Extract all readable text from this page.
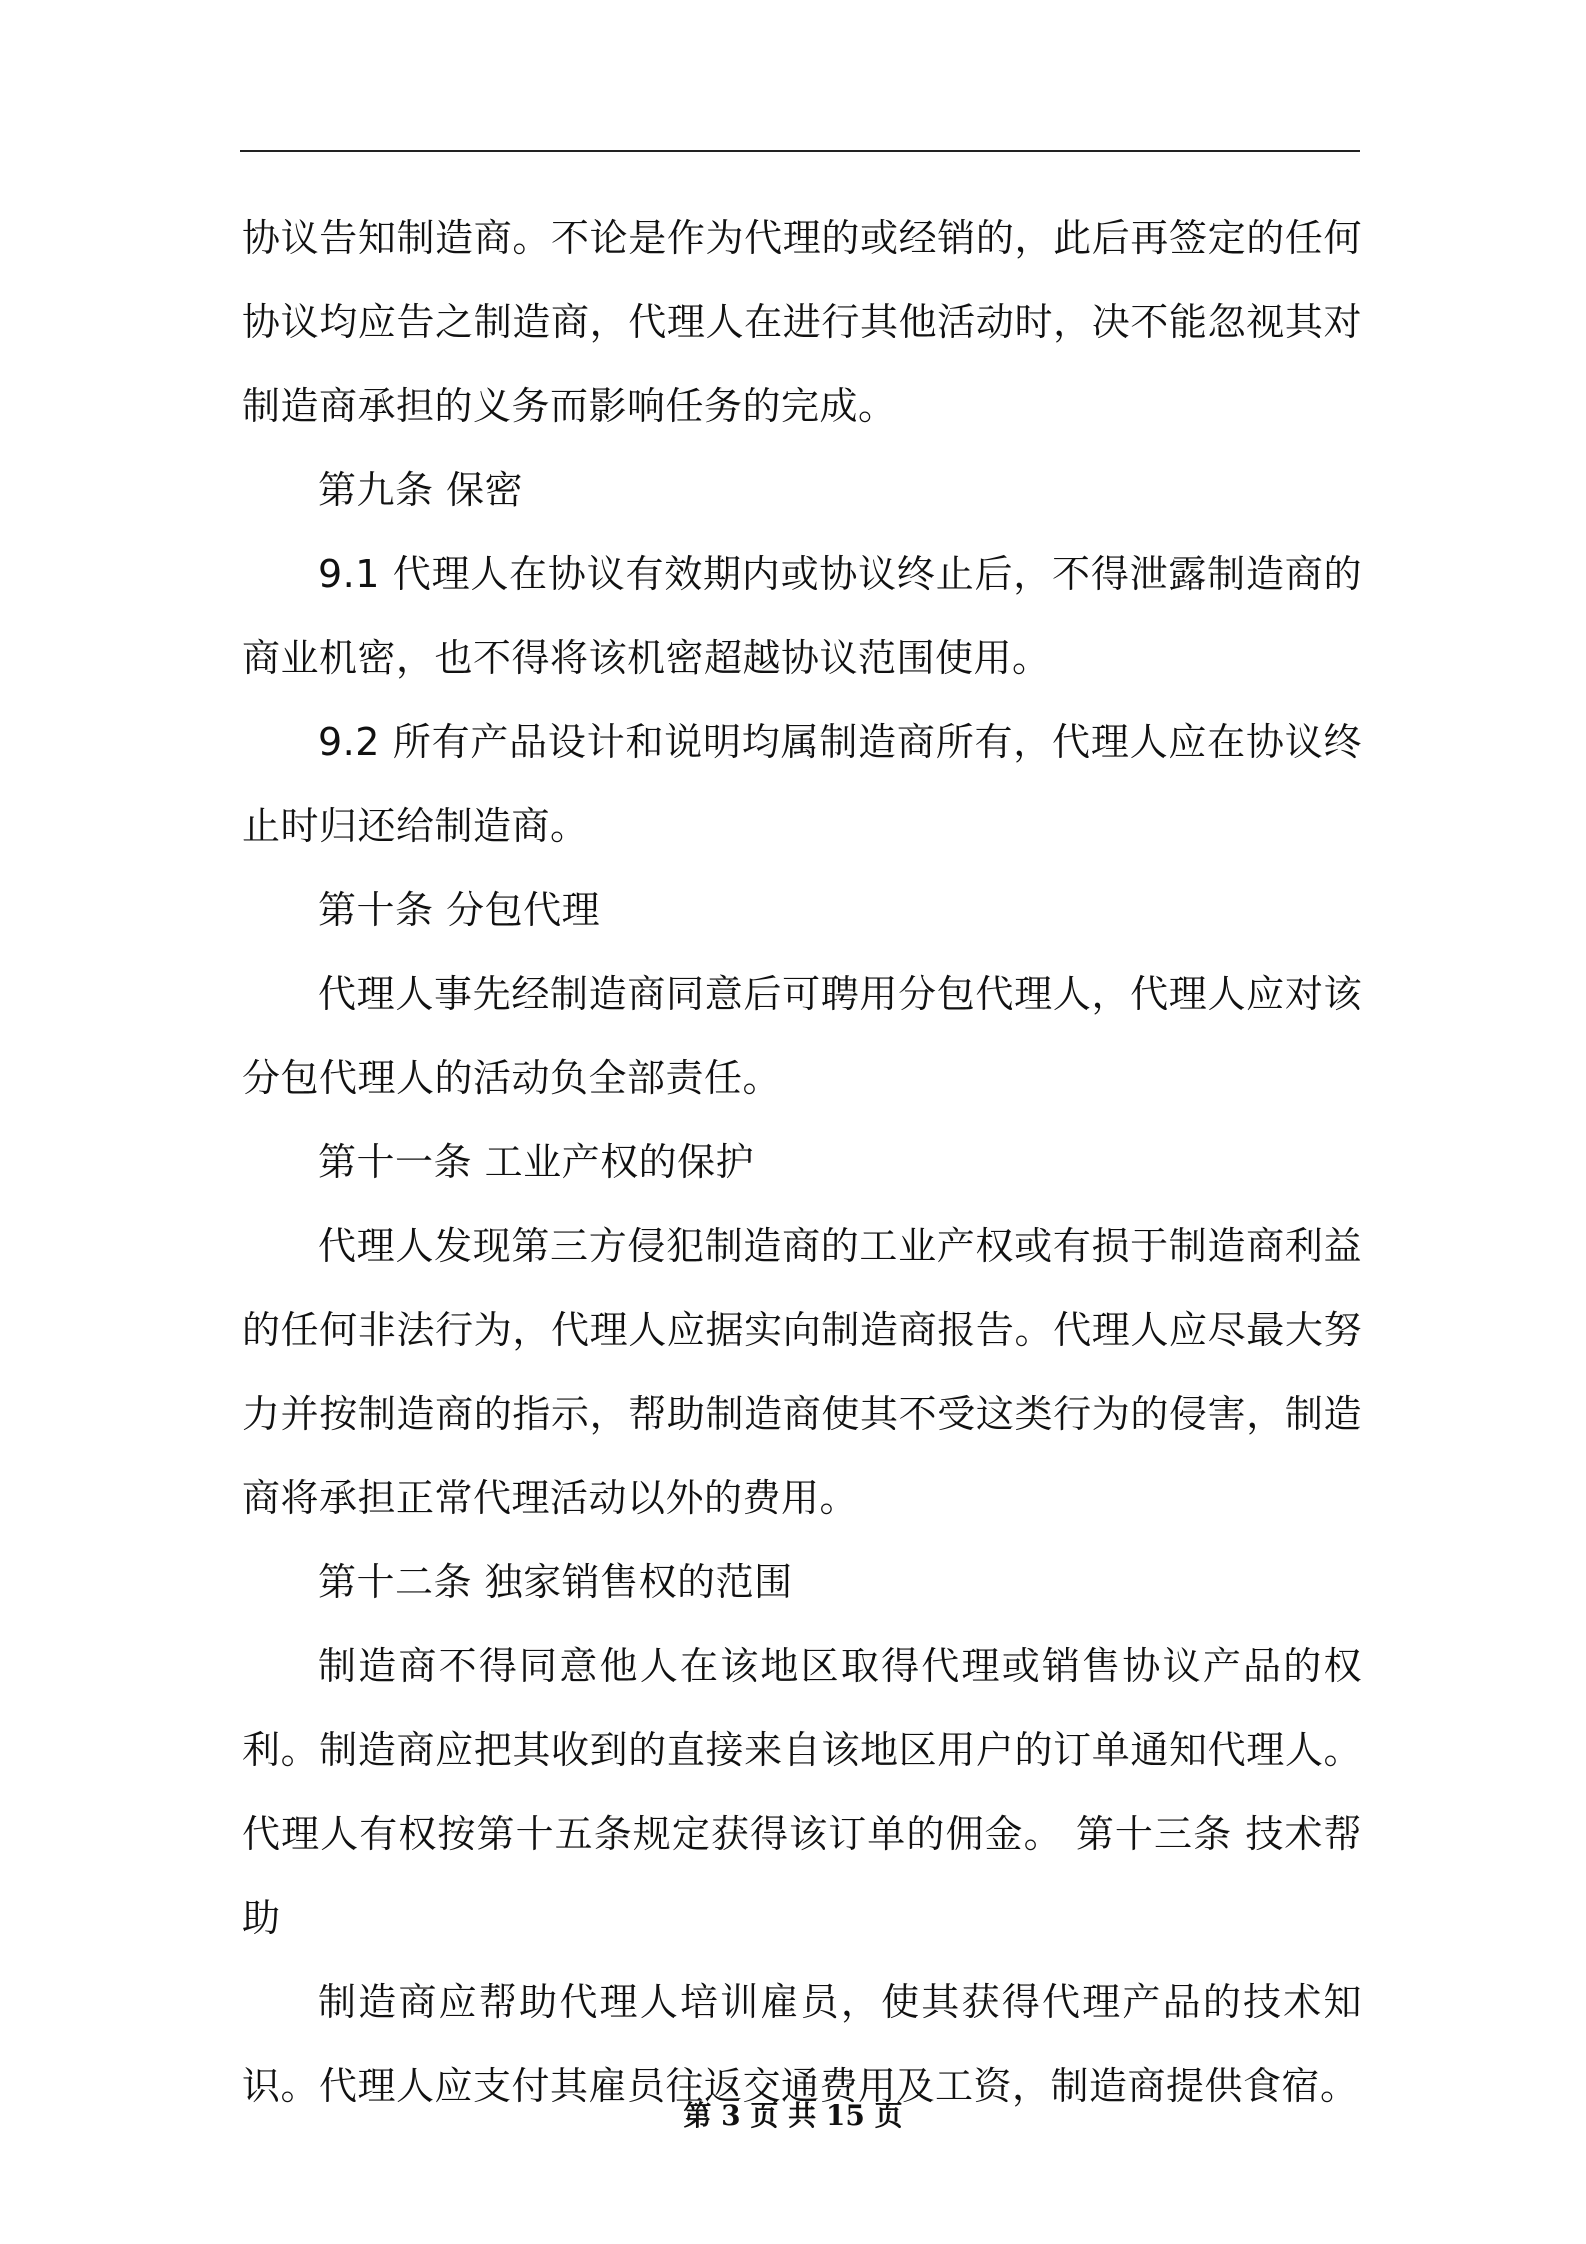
协议告知制造商。不论是作为代理的或经销的，此后再签定的任何协议均应告之制造商，代理人在进行其他活动时，决不能忽视其对制造商承担的义务而影响任务的完成。

第九条 保密

9.1 代理人在协议有效期内或协议终止后，不得泄露制造商的商业机密，也不得将该机密超越协议范围使用。

9.2 所有产品设计和说明均属制造商所有，代理人应在协议终止时归还给制造商。

第十条 分包代理

代理人事先经制造商同意后可聘用分包代理人，代理人应对该分包代理人的活动负全部责任。

第十一条 工业产权的保护

代理人发现第三方侵犯制造商的工业产权或有损于制造商利益的任何非法行为，代理人应据实向制造商报告。代理人应尽最大努力并按制造商的指示，帮助制造商使其不受这类行为的侵害，制造商将承担正常代理活动以外的费用。

第十二条 独家销售权的范围

制造商不得同意他人在该地区取得代理或销售协议产品的权利。制造商应把其收到的直接来自该地区用户的订单通知代理人。代理人有权按第十五条规定获得该订单的佣金。 第十三条 技术帮助

制造商应帮助代理人培训雇员，使其获得代理产品的技术知识。代理人应支付其雇员往返交通费用及工资，制造商提供食宿。

第 3 页 共 15 页
